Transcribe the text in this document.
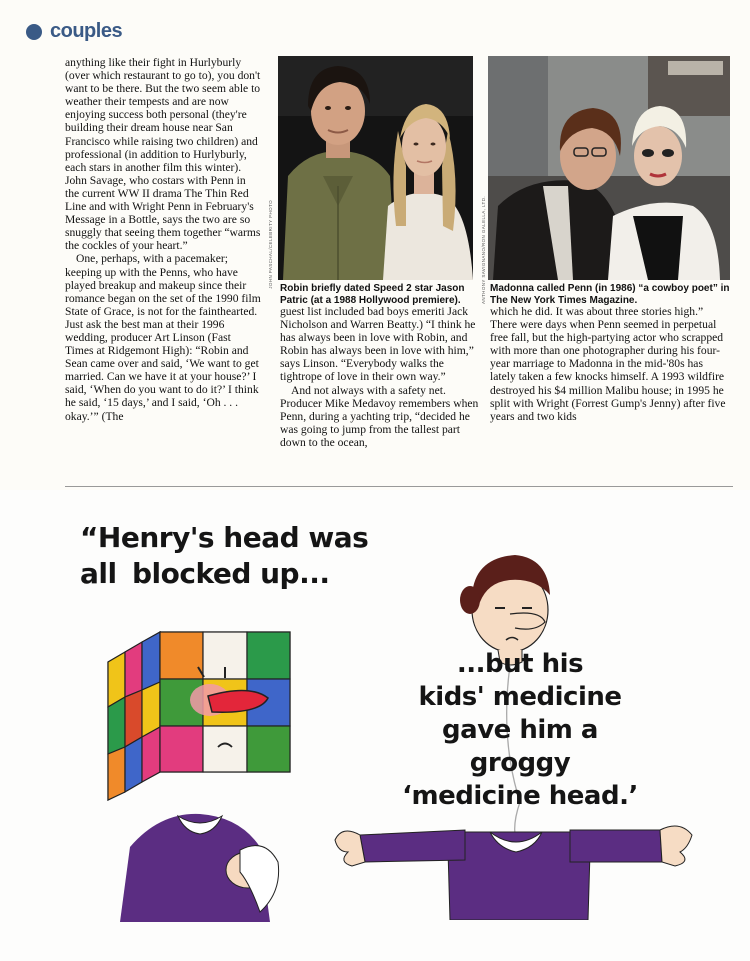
couples

anything like their fight in Hurlyburly (over which restaurant to go to), you don't want to be there. But the two seem able to weather their tempests and are now enjoying success both personal (they're building their dream house near San Francisco while raising two children) and professional (in addition to Hurlyburly, each stars in another film this winter). John Savage, who costars with Penn in the current WW II drama The Thin Red Line and with Wright Penn in February's Message in a Bottle, says the two are so snuggly that seeing them together “warms the cockles of your heart.”

One, perhaps, with a pacemaker; keeping up with the Penns, who have played breakup and makeup since their romance began on the set of the 1990 film State of Grace, is not for the fainthearted. Just ask the best man at their 1996 wedding, producer Art Linson (Fast Times at Ridgemont High): “Robin and Sean came over and said, ‘We want to get married. Can we have it at your house?’ I said, ‘When do you want to do it?’ I think he said, ‘15 days,’ and I said, ‘Oh . . . okay.’” (The

JOHN PASCHAL/CELEBRITY PHOTO	ANTHONY SAVIGNANO/RON GALELLA, LTD.
Robin briefly dated Speed 2 star Jason Patric (at a 1988 Hollywood premiere).
Madonna called Penn (in 1986) “a cowboy poet” in The New York Times Magazine.

guest list included bad boys emeriti Jack Nicholson and Warren Beatty.) “I think he has always been in love with Robin, and Robin has always been in love with him,” says Linson. “Everybody walks the tightrope of love in their own way.”

And not always with a safety net. Producer Mike Medavoy remembers when Penn, during a yachting trip, “decided he was going to jump from the tallest part down to the ocean,

which he did. It was about three stories high.” There were days when Penn seemed in perpetual free fall, but the high-partying actor who scrapped with more than one photographer during his four-year marriage to Madonna in the mid-'80s has lately taken a few knocks himself. A 1993 wildfire destroyed his $4 million Malibu house; in 1995 he split with Wright (Forrest Gump's Jenny) after five years and two kids

“Henry's head was all blocked up...
...but his
kids' medicine
gave him a groggy
‘medicine head.’
